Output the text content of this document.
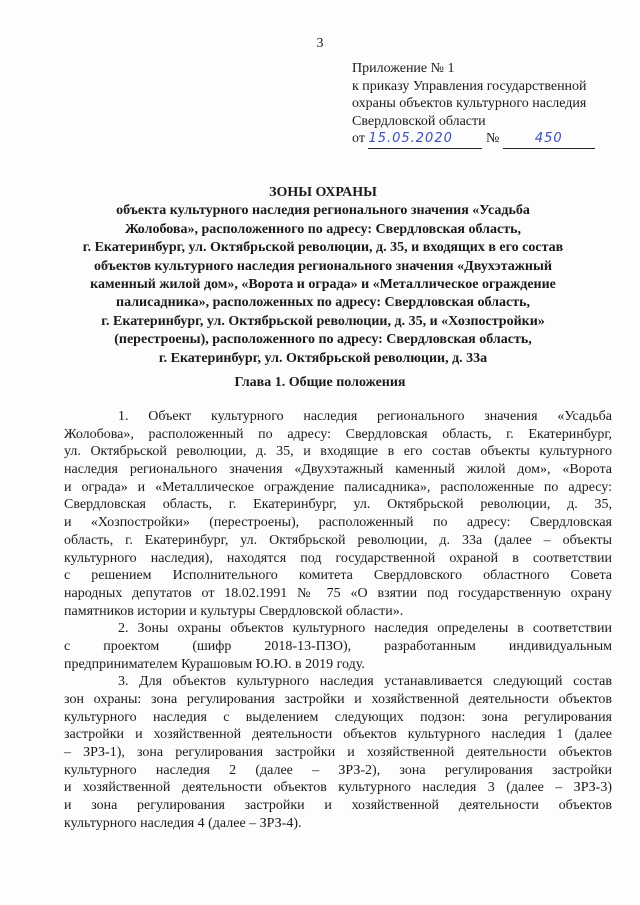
3
Приложение № 1
к приказу Управления государственной
охраны объектов культурного наследия
Свердловской области
от 15.05.2020 №	450
ЗОНЫ ОХРАНЫ
объекта культурного наследия регионального значения «Усадьба
Жолобова», расположенного по адресу: Свердловская область,
г. Екатеринбург, ул. Октябрьской революции, д. 35, и входящих в его состав
объектов культурного наследия регионального значения «Двухэтажный
каменный жилой дом», «Ворота и ограда» и «Металлическое ограждение
палисадника», расположенных по адресу: Свердловская область,
г. Екатеринбург, ул. Октябрьской революции, д. 35, и «Хозпостройки»
(перестроены), расположенного по адресу: Свердловская область,
г. Екатеринбург, ул. Октябрьской революции, д. 33а
Глава 1. Общие положения
1. Объект культурного наследия регионального значения «Усадьба
Жолобова», расположенный по адресу: Свердловская область, г. Екатеринбург,
ул. Октябрьской революции, д. 35, и входящие в его состав объекты культурного
наследия регионального значения «Двухэтажный каменный жилой дом», «Ворота
и ограда» и «Металлическое ограждение палисадника», расположенные по адресу:
Свердловская область, г. Екатеринбург, ул. Октябрьской революции, д. 35,
и «Хозпостройки» (перестроены), расположенный по адресу: Свердловская
область, г. Екатеринбург, ул. Октябрьской революции, д. 33а (далее – объекты
культурного наследия), находятся под государственной охраной в соответствии
с решением Исполнительного комитета Свердловского областного Совета
народных депутатов от 18.02.1991 № 75 «О взятии под государственную охрану
памятников истории и культуры Свердловской области».
2. Зоны охраны объектов культурного наследия определены в соответствии
с проектом (шифр 2018-13-ПЗО), разработанным индивидуальным
предпринимателем Курашовым Ю.Ю. в 2019 году.
3. Для объектов культурного наследия устанавливается следующий состав
зон охраны: зона регулирования застройки и хозяйственной деятельности объектов
культурного наследия с выделением следующих подзон: зона регулирования
застройки и хозяйственной деятельности объектов культурного наследия 1 (далее
– ЗРЗ-1), зона регулирования застройки и хозяйственной деятельности объектов
культурного наследия 2 (далее – ЗРЗ-2), зона регулирования застройки
и хозяйственной деятельности объектов культурного наследия 3 (далее – ЗРЗ-3)
и зона регулирования застройки и хозяйственной деятельности объектов
культурного наследия 4 (далее – ЗРЗ-4).
